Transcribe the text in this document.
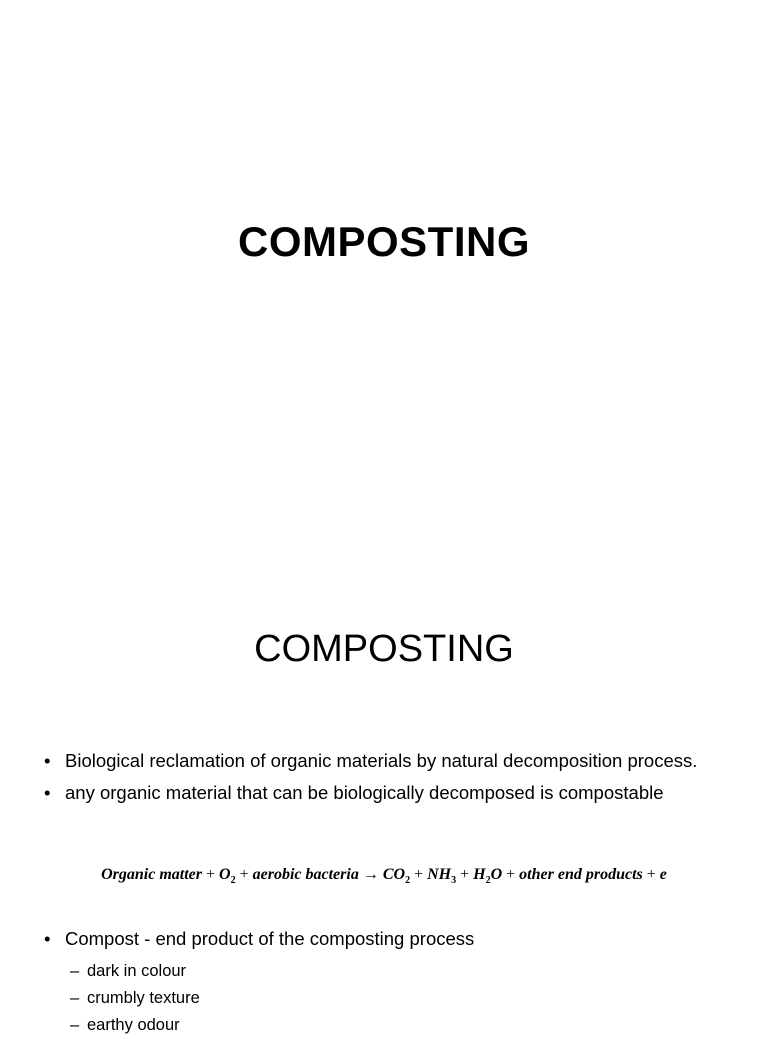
COMPOSTING
COMPOSTING
• Biological reclamation of organic materials by natural decomposition process.
• any organic material that can be biologically decomposed is compostable
Organic matter + $O_2$ + aerobic bacteria → $CO_2 + NH_3 + H_2O$ + other end products + e
• Compost - end product of the composting process
– dark in colour
– crumbly texture
– earthy odour
